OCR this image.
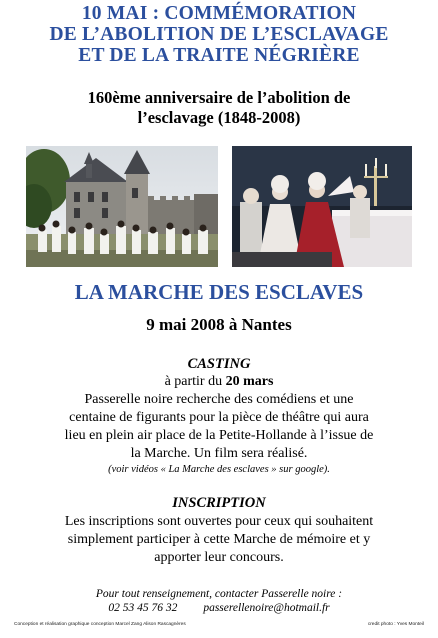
10 MAI : COMMÉMORATION
DE L’ABOLITION DE L’ESCLAVAGE
ET DE LA TRAITE NÉGRIÈRE
160ème anniversaire de l’abolition de
l’esclavage (1848-2008)
LA MARCHE DES ESCLAVES
9 mai 2008 à Nantes
CASTING
à partir du 20 mars
Passerelle noire recherche des comédiens et une
centaine de figurants pour la pièce de théâtre qui aura
lieu en plein air place de la Petite-Hollande à l’issue de
la Marche. Un film sera réalisé.
(voir vidéos « La Marche des esclaves » sur google).
INSCRIPTION
Les inscriptions sont ouvertes pour ceux qui souhaitent
simplement participer à cette Marche de mémoire et y
apporter leur concours.
Pour tout renseignement, contacter Passerelle noire :
02 53 45 76 32 passerellenoire@hotmail.fr
Conception et réalisation graphique conception Marcel Zang Alison Rascagnères	credit photo : Yves Monteil
